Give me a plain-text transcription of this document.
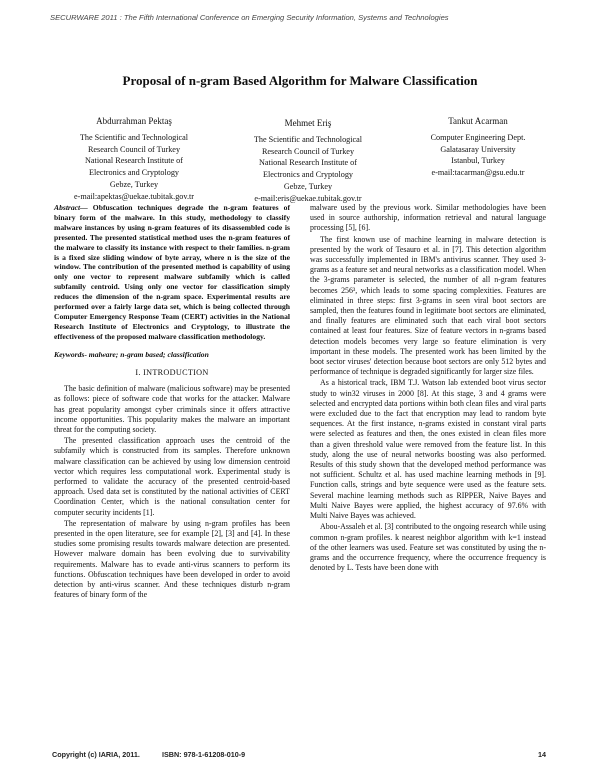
SECURWARE 2011 : The Fifth International Conference on Emerging Security Information, Systems and Technologies
Proposal of n-gram Based Algorithm for Malware Classification
Abdurrahman Pektaş
The Scientific and Technological
Research Council of Turkey
National Research Institute of
Electronics and Cryptology
Gebze, Turkey
e-mail:apektas@uekae.tubitak.gov.tr
Mehmet Eriş
The Scientific and Technological
Research Council of Turkey
National Research Institute of
Electronics and Cryptology
Gebze, Turkey
e-mail:eris@uekae.tubitak.gov.tr
Tankut Acarman
Computer Engineering Dept.
Galatasaray University
Istanbul, Turkey
e-mail:tacarman@gsu.edu.tr

Abstract— Obfuscation techniques degrade the n-gram features of binary form of the malware. In this study, methodology to classify malware instances by using n-gram features of its disassembled code is presented. The presented statistical method uses the n-gram features of the malware to classify its instance with respect to their families. n-gram is a fixed size sliding window of byte array, where n is the size of the window. The contribution of the presented method is capability of using only one vector to represent malware subfamily which is called subfamily centroid. Using only one vector for classification simply reduces the dimension of the n-gram space. Experimental results are performed over a fairly large data set, which is being collected through Computer Emergency Response Team (CERT) activities in the National Research Institute of Electronics and Cryptology, to illustrate the effectiveness of the proposed malware classification methodology.

Keywords- malware; n-gram based; classification

I. INTRODUCTION

The basic definition of malware (malicious software) may be presented as follows: piece of software code that works for the attacker. Malware has great popularity amongst cyber criminals since it offers attractive income opportunities. This popularity makes the malware an important threat for the computing society.

The presented classification approach uses the centroid of the subfamily which is constructed from its samples. Therefore unknown malware classification can be achieved by using low dimension centroid vector which requires less computational work. Experimental study is performed to validate the accuracy of the presented centroid-based approach. Used data set is constituted by the national activities of CERT Coordination Center, which is the national consultation center for computer security incidents [1].

The representation of malware by using n-gram profiles has been presented in the open literature, see for example [2], [3] and [4]. In these studies some promising results towards malware detection are presented. However malware domain has been evolving due to survivability requirements. Malware has to evade anti-virus scanners to perform its functions. Obfuscation techniques have been developed in order to avoid detection by anti-virus scanner. And these techniques disturb n-gram features of binary form of the

malware used by the previous work. Similar methodologies have been used in source authorship, information retrieval and natural language processing [5], [6].

The first known use of machine learning in malware detection is presented by the work of Tesauro et al. in [7]. This detection algorithm was successfully implemented in IBM's antivirus scanner. They used 3-grams as a feature set and neural networks as a classification model. When the 3-grams parameter is selected, the number of all n-gram features becomes 256³, which leads to some spacing complexities. Features are eliminated in three steps: first 3-grams in seen viral boot sectors are sampled, then the features found in legitimate boot sectors are eliminated, and finally features are eliminated such that each viral boot sectors contained at least four features. Size of feature vectors in n-grams based detection models becomes very large so feature elimination is very important in these models. The presented work has been limited by the boot sector viruses' detection because boot sectors are only 512 bytes and performance of technique is degraded significantly for larger size files.

As a historical track, IBM T.J. Watson lab extended boot virus sector study to win32 viruses in 2000 [8]. At this stage, 3 and 4 grams were selected and encrypted data portions within both clean files and viral parts were excluded due to the fact that encryption may lead to random byte sequences. At the first instance, n-grams existed in constant viral parts were selected as features and then, the ones existed in clean files more than a given threshold value were removed from the feature list. In this study, along the use of neural networks boosting was also performed. Results of this study shown that the developed method performance was not sufficient. Schultz et al. has used machine learning methods in [9]. Function calls, strings and byte sequence were used as the feature sets. Several machine learning methods such as RIPPER, Naive Bayes and Multi Naive Bayes were applied, the highest accuracy of 97.6% with Multi Naive Bayes was achieved.

Abou-Assaleh et al. [3] contributed to the ongoing research while using common n-gram profiles. k nearest neighbor algorithm with k=1 instead of the other learners was used. Feature set was constituted by using the n-grams and the occurrence frequency, where the occurrence frequency is denoted by L. Tests have been done with

Copyright (c) IARIA, 2011.	ISBN: 978-1-61208-010-9	14
